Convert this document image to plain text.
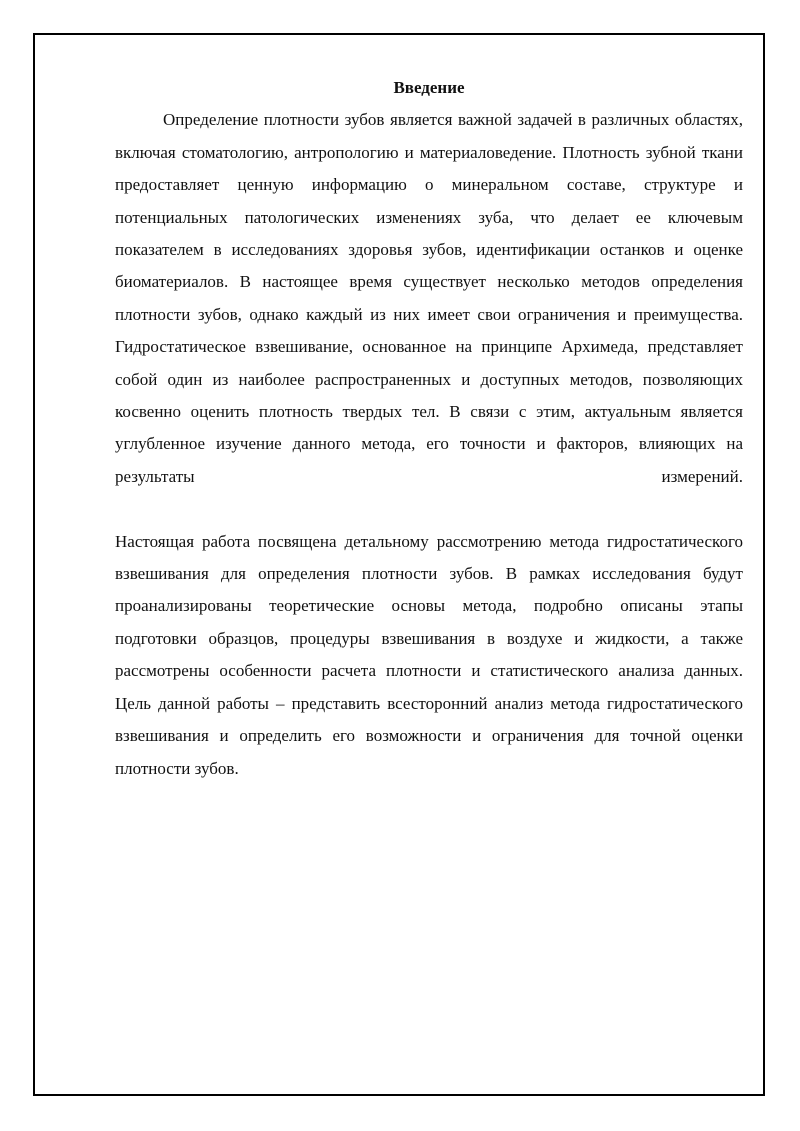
Введение

Определение плотности зубов является важной задачей в различных областях, включая стоматологию, антропологию и материаловедение. Плотность зубной ткани предоставляет ценную информацию о минеральном составе, структуре и потенциальных патологических изменениях зуба, что делает ее ключевым показателем в исследованиях здоровья зубов, идентификации останков и оценке биоматериалов. В настоящее время существует несколько методов определения плотности зубов, однако каждый из них имеет свои ограничения и преимущества. Гидростатическое взвешивание, основанное на принципе Архимеда, представляет собой один из наиболее распространенных и доступных методов, позволяющих косвенно оценить плотность твердых тел. В связи с этим, актуальным является углубленное изучение данного метода, его точности и факторов, влияющих на результаты измерений.

Настоящая работа посвящена детальному рассмотрению метода гидростатического взвешивания для определения плотности зубов. В рамках исследования будут проанализированы теоретические основы метода, подробно описаны этапы подготовки образцов, процедуры взвешивания в воздухе и жидкости, а также рассмотрены особенности расчета плотности и статистического анализа данных. Цель данной работы – представить всесторонний анализ метода гидростатического взвешивания и определить его возможности и ограничения для точной оценки плотности зубов.
